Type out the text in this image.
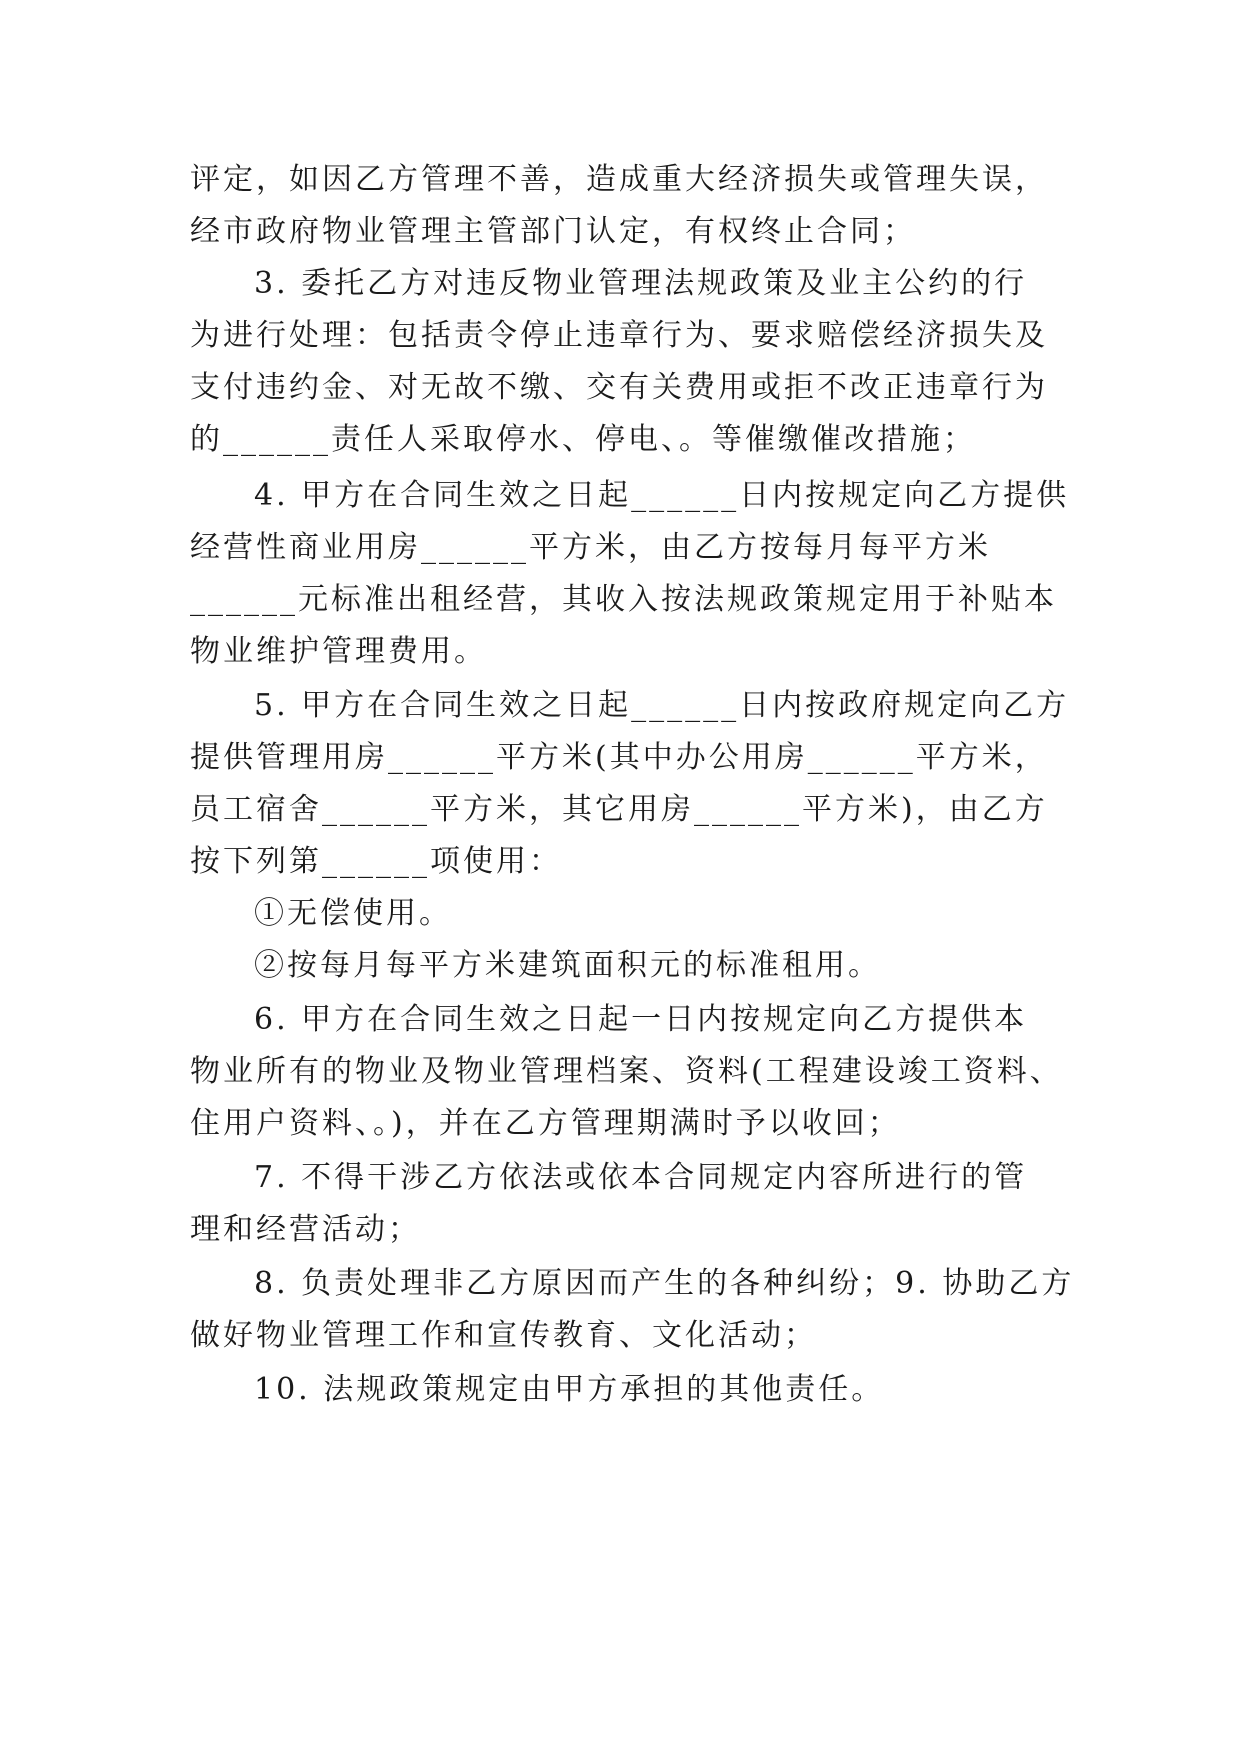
评定，如因乙方管理不善，造成重大经济损失或管理失误，
经市政府物业管理主管部门认定，有权终止合同；
3. 委托乙方对违反物业管理法规政策及业主公约的行
为进行处理：包括责令停止违章行为、要求赔偿经济损失及
支付违约金、对无故不缴、交有关费用或拒不改正违章行为
的______责任人采取停水、停电、。等催缴催改措施；
4. 甲方在合同生效之日起______日内按规定向乙方提供
经营性商业用房______平方米，由乙方按每月每平方米
______元标准出租经营，其收入按法规政策规定用于补贴本
物业维护管理费用。
5. 甲方在合同生效之日起______日内按政府规定向乙方
提供管理用房______平方米(其中办公用房______平方米，
员工宿舍______平方米，其它用房______平方米)，由乙方
按下列第______项使用：
①无偿使用。
②按每月每平方米建筑面积元的标准租用。
6. 甲方在合同生效之日起一日内按规定向乙方提供本
物业所有的物业及物业管理档案、资料(工程建设竣工资料、
住用户资料、。)，并在乙方管理期满时予以收回；
7. 不得干涉乙方依法或依本合同规定内容所进行的管
理和经营活动；
8. 负责处理非乙方原因而产生的各种纠纷；9. 协助乙方
做好物业管理工作和宣传教育、文化活动；
10. 法规政策规定由甲方承担的其他责任。
